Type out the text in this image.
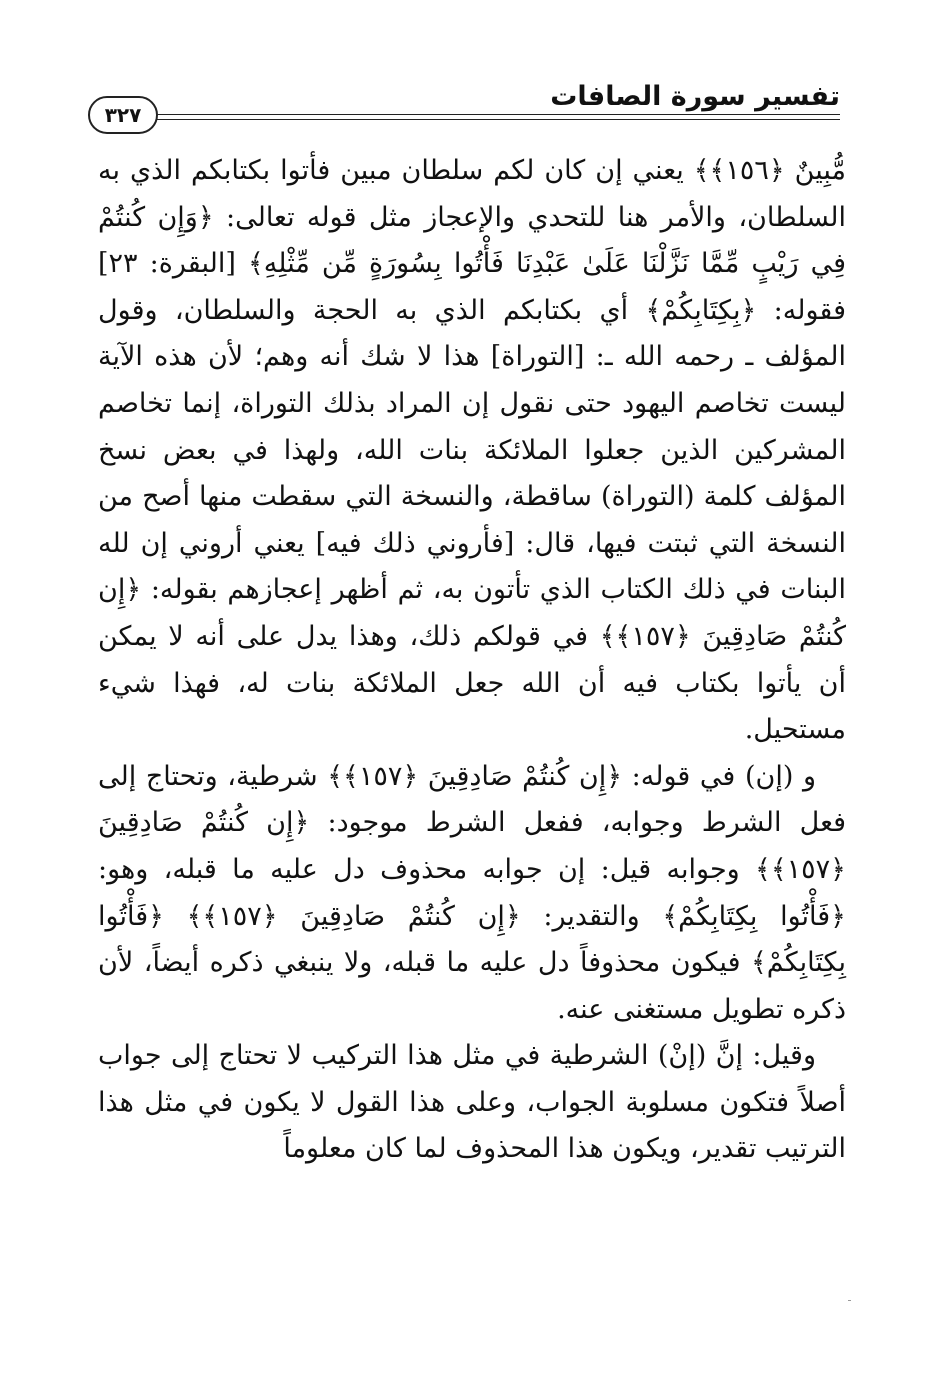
تفسير سورة الصافات
٣٢٧

مُّبِينٌ ﴿١٥٦﴾﴾ يعني إن كان لكم سلطان مبين فأتوا بكتابكم الذي به السلطان، والأمر هنا للتحدي والإعجاز مثل قوله تعالى: ﴿وَإِن كُنتُمْ فِي رَيْبٍ مِّمَّا نَزَّلْنَا عَلَىٰ عَبْدِنَا فَأْتُوا بِسُورَةٍ مِّن مِّثْلِهِ﴾ [البقرة: ٢٣] فقوله: ﴿بِكِتَابِكُمْ﴾ أي بكتابكم الذي به الحجة والسلطان، وقول المؤلف ـ رحمه الله ـ: [التوراة] هذا لا شك أنه وهم؛ لأن هذه الآية ليست تخاصم اليهود حتى نقول إن المراد بذلك التوراة، إنما تخاصم المشركين الذين جعلوا الملائكة بنات الله، ولهذا في بعض نسخ المؤلف كلمة (التوراة) ساقطة، والنسخة التي سقطت منها أصح من النسخة التي ثبتت فيها، قال: [فأروني ذلك فيه] يعني أروني إن لله البنات في ذلك الكتاب الذي تأتون به، ثم أظهر إعجازهم بقوله: ﴿إِن كُنتُمْ صَادِقِينَ ﴿١٥٧﴾﴾ في قولكم ذلك، وهذا يدل على أنه لا يمكن أن يأتوا بكتاب فيه أن الله جعل الملائكة بنات له، فهذا شيء مستحيل.

و (إن) في قوله: ﴿إِن كُنتُمْ صَادِقِينَ ﴿١٥٧﴾﴾ شرطية، وتحتاج إلى فعل الشرط وجوابه، ففعل الشرط موجود: ﴿إِن كُنتُمْ صَادِقِينَ ﴿١٥٧﴾﴾ وجوابه قيل: إن جوابه محذوف دل عليه ما قبله، وهو: ﴿فَأْتُوا بِكِتَابِكُمْ﴾ والتقدير: ﴿إِن كُنتُمْ صَادِقِينَ ﴿١٥٧﴾﴾ ﴿فَأْتُوا بِكِتَابِكُمْ﴾ فيكون محذوفاً دل عليه ما قبله، ولا ينبغي ذكره أيضاً، لأن ذكره تطويل مستغنى عنه.

وقيل: إنَّ (إنْ) الشرطية في مثل هذا التركيب لا تحتاج إلى جواب أصلاً فتكون مسلوبة الجواب، وعلى هذا القول لا يكون في مثل هذا الترتيب تقدير، ويكون هذا المحذوف لما كان معلوماً
